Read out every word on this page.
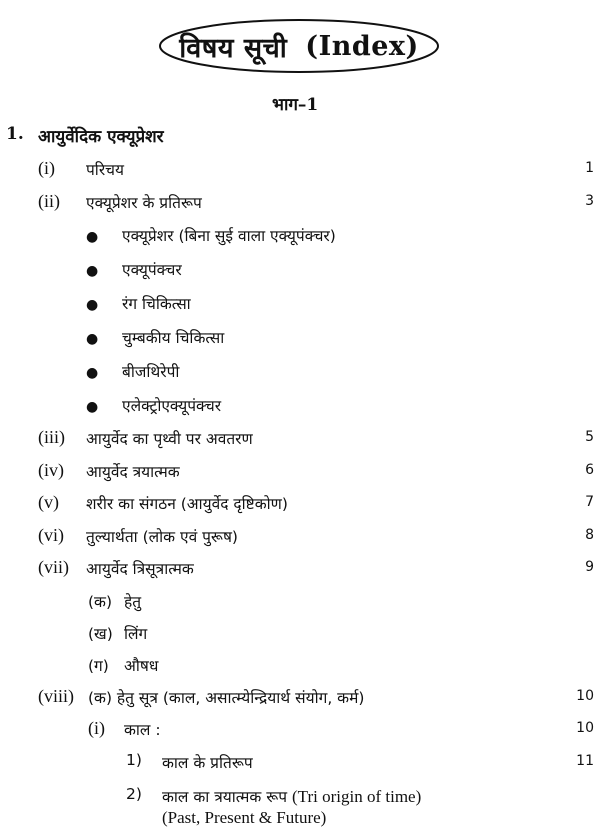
विषय सूची (Index)
भाग–1
1. आयुर्वेदिक एक्यूप्रेशर
(i) परिचय	1
(ii) एक्यूप्रेशर के प्रतिरूप	3
● एक्यूप्रेशर (बिना सुई वाला एक्यूपंक्चर)
● एक्यूपंक्चर
● रंग चिकित्सा
● चुम्बकीय चिकित्सा
● बीजथिरेपी
● एलेक्ट्रोएक्यूपंक्चर
(iii) आयुर्वेद का पृथ्वी पर अवतरण	5
(iv) आयुर्वेद त्रयात्मक	6
(v) शरीर का संगठन (आयुर्वेद दृष्टिकोण)	7
(vi) तुल्यार्थता (लोक एवं पुरूष)	8
(vii) आयुर्वेद त्रिसूत्रात्मक	9
(क) हेतु
(ख) लिंग
(ग) औषध
(viii) (क) हेतु सूत्र (काल, असात्म्येन्द्रियार्थ संयोग, कर्म)	10
(i) काल :	10
1) काल के प्रतिरूप	11
2) काल का त्रयात्मक रूप (Tri origin of time)
(Past, Present & Future)
